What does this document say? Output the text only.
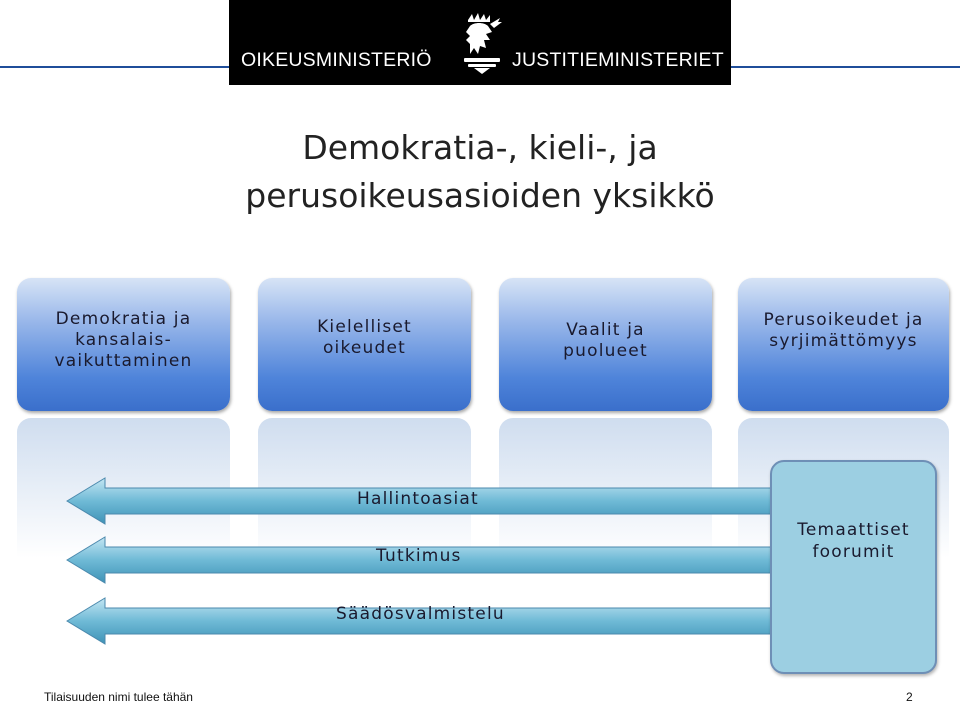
OIKEUSMINISTERIÖ	JUSTITIEMINISTERIET
Demokratia-, kieli-, ja
perusoikeusasioiden yksikkö
Demokratia ja kansalais-vaikuttaminen
Kielelliset oikeudet
Vaalit ja puolueet
Perusoikeudet ja syrjimättömyys
Hallintoasiat
Tutkimus
Säädösvalmistelu
Temaattiset foorumit
Tilaisuuden nimi tulee tähän	2
